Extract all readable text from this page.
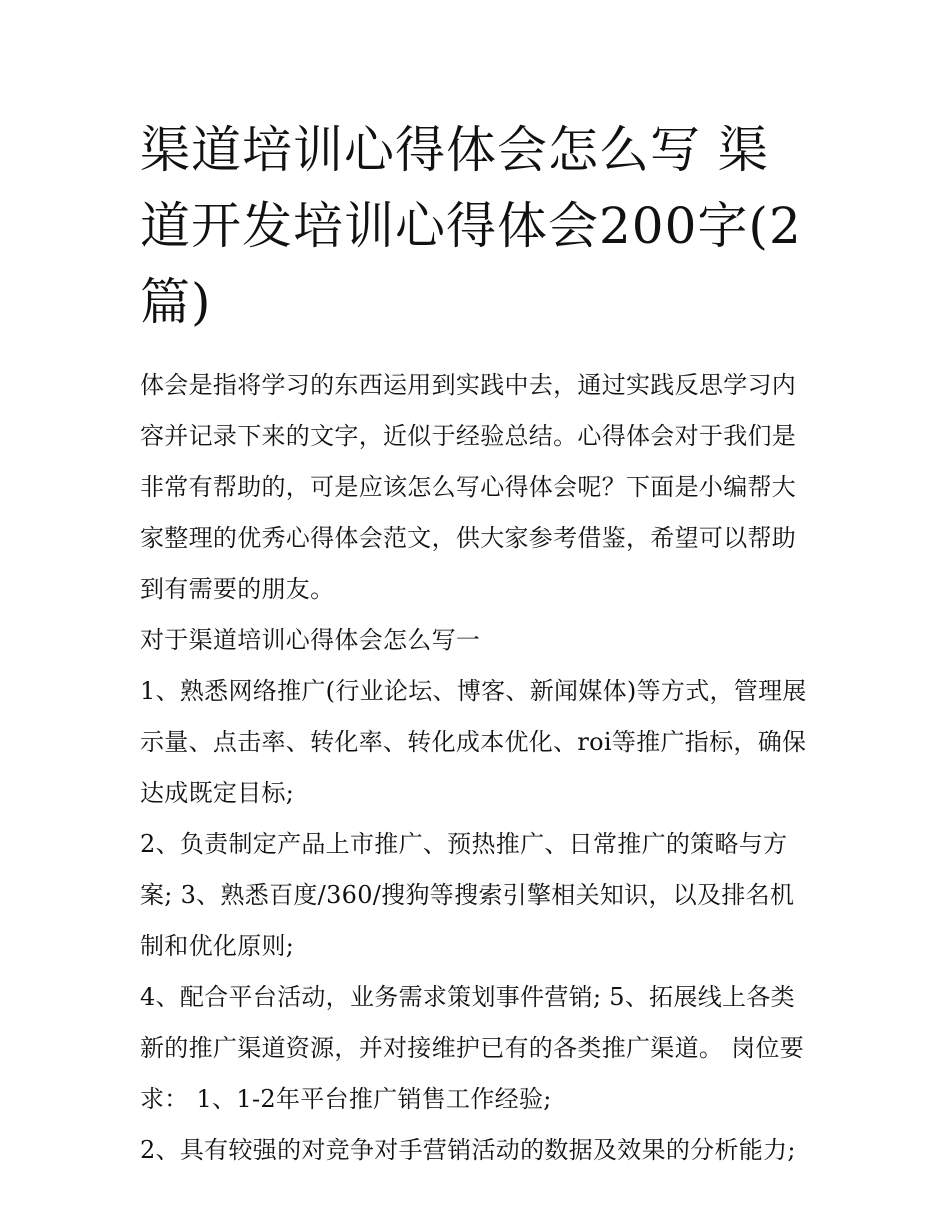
渠道培训心得体会怎么写 渠道开发培训心得体会200字(2篇)

体会是指将学习的东西运用到实践中去，通过实践反思学习内容并记录下来的文字，近似于经验总结。心得体会对于我们是非常有帮助的，可是应该怎么写心得体会呢？下面是小编帮大家整理的优秀心得体会范文，供大家参考借鉴，希望可以帮助到有需要的朋友。

对于渠道培训心得体会怎么写一

1、熟悉网络推广(行业论坛、博客、新闻媒体)等方式，管理展示量、点击率、转化率、转化成本优化、roi等推广指标，确保达成既定目标;

2、负责制定产品上市推广、预热推广、日常推广的策略与方案; 3、熟悉百度/360/搜狗等搜索引擎相关知识，以及排名机制和优化原则;

4、配合平台活动，业务需求策划事件营销; 5、拓展线上各类新的推广渠道资源，并对接维护已有的各类推广渠道。 岗位要求： 1、1-2年平台推广销售工作经验;

2、具有较强的对竞争对手营销活动的数据及效果的分析能力;
